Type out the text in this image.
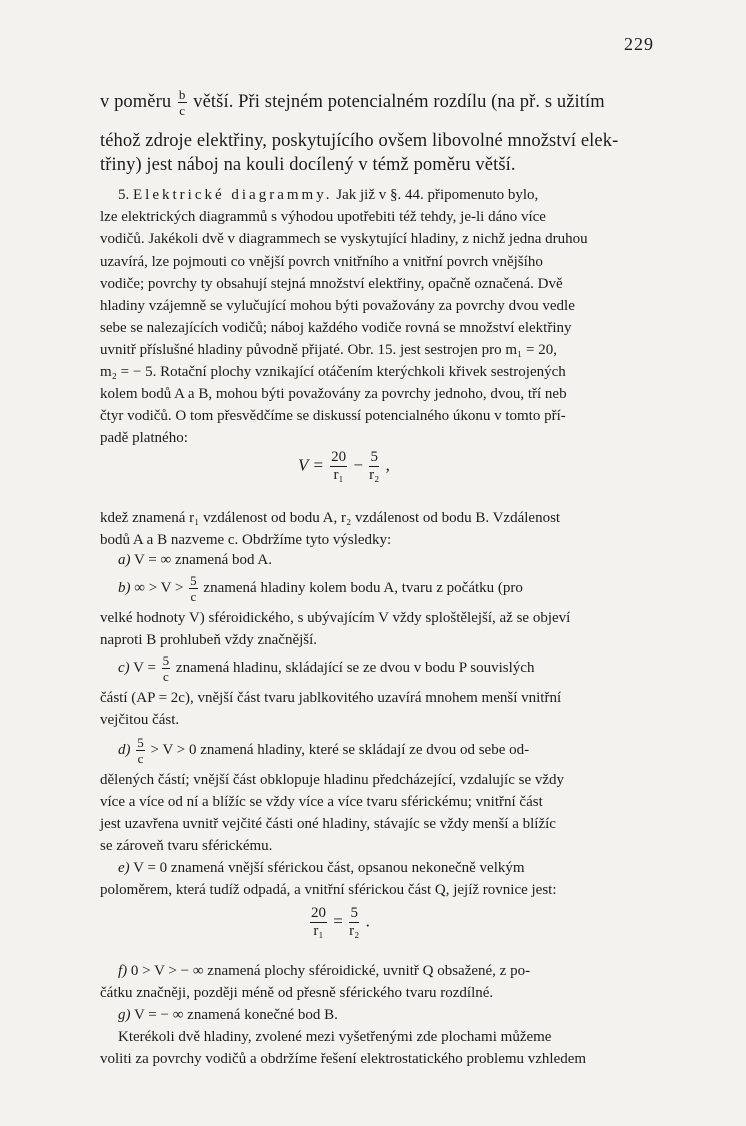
229
v poměru $\frac{b}{c}$ větší. Při stejném potencialném rozdílu (na př. s užitím
téhož zdroje elektřiny, poskytujícího ovšem libovolné množství elek-
třiny) jest náboj na kouli docílený v témž poměru větší.
5. Elektrické diagrammy. Jak již v §. 44. připomenuto bylo,
lze elektrických diagrammů s výhodou upotřebiti též tehdy, je-li dáno více
vodičů. Jakékoli dvě v diagrammech se vyskytující hladiny, z nichž jedna druhou
uzavírá, lze pojmouti co vnější povrch vnitřního a vnitřní povrch vnějšího
vodiče; povrchy ty obsahují stejná množství elektřiny, opačně označená. Dvě
hladiny vzájemně se vylučující mohou býti považovány za povrchy dvou vedle
sebe se nalezajících vodičů; náboj každého vodiče rovná se množství elektřiny
uvnitř příslušné hladiny původně přijaté. Obr. 15. jest sestrojen pro m₁ = 20,
m₂ = − 5. Rotační plochy vznikající otáčením kterýchkoli křivek sestrojených
kolem bodů A a B, mohou býti považovány za povrchy jednoho, dvou, tří neb
čtyr vodičů. O tom přesvědčíme se diskussí potencialného úkonu v tomto pří-
padě platného:
$V = \frac{20}{\text{r₁}} - \frac{5}{\text{r₂}}$ ,
kdež znamená r₁ vzdálenost od bodu A, r₂ vzdálenost od bodu B. Vzdálenost
bodů A a B nazveme c. Obdržíme tyto výsledky:
a) V = ∞ znamená bod A.
b) ∞ > $V > \frac{5}{c}$ znamená hladiny kolem bodu A, tvaru z počátku (pro
velké hodnoty V) sféroidického, s ubývajícím V vždy sploštělejší, až se objeví
naproti B prohlubeň vždy značnější.
c) $V = \frac{5}{c}$ znamená hladinu, skládající se ze dvou v bodu P souvislých
částí (AP = 2c), vnější část tvaru jablkovitého uzavírá mnohem menší vnitřní
vejčitou část.
$d) \frac{5}{c} > V > 0$ znamená hladiny, které se skládají ze dvou od sebe od-
dělených částí; vnější část obklopuje hladinu předcházející, vzdalujíc se vždy
více a více od ní a blížíc se vždy více a více tvaru sférickému; vnitřní část
jest uzavřena uvnitř vejčité části oné hladiny, stávajíc se vždy menší a blížíc
se zároveň tvaru sférickému.
e) V = 0 znamená vnější sférickou část, opsanou nekonečně velkým
poloměrem, která tudíž odpadá, a vnitřní sférickou část Q, jejíž rovnice jest:
$\frac{20}{\text{r₁}} = \frac{5}{\text{r₂}}$ .
f) 0 > V > − ∞ znamená plochy sféroidické, uvnitř Q obsažené, z po-
čátku značněji, později méně od přesně sférického tvaru rozdílné.
g) V = − ∞ znamená konečné bod B.
Kterékoli dvě hladiny, zvolené mezi vyšetřenými zde plochami můžeme
voliti za povrchy vodičů a obdržíme řešení elektrostatického problemu vzhledem
